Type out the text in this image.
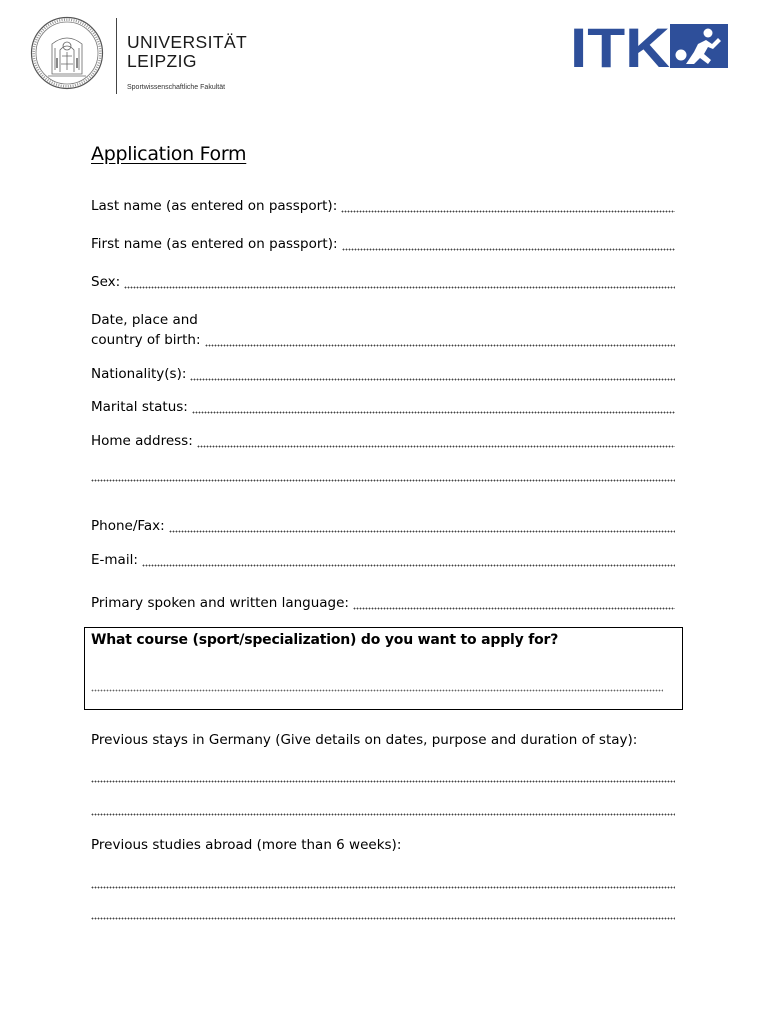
UNIVERSITÄT
LEIPZIG
Sportwissenschaftliche Fakultät
ITK
Application Form
Last name (as entered on passport):
First name (as entered on passport):
Sex:
Date, place and
country of birth:
Nationality(s):
Marital status:
Home address:
Phone/Fax:
E-mail:
Primary spoken and written language:
What course (sport/specialization) do you want to apply for?
Previous stays in Germany (Give details on dates, purpose and duration of stay):
Previous studies abroad (more than 6 weeks):
